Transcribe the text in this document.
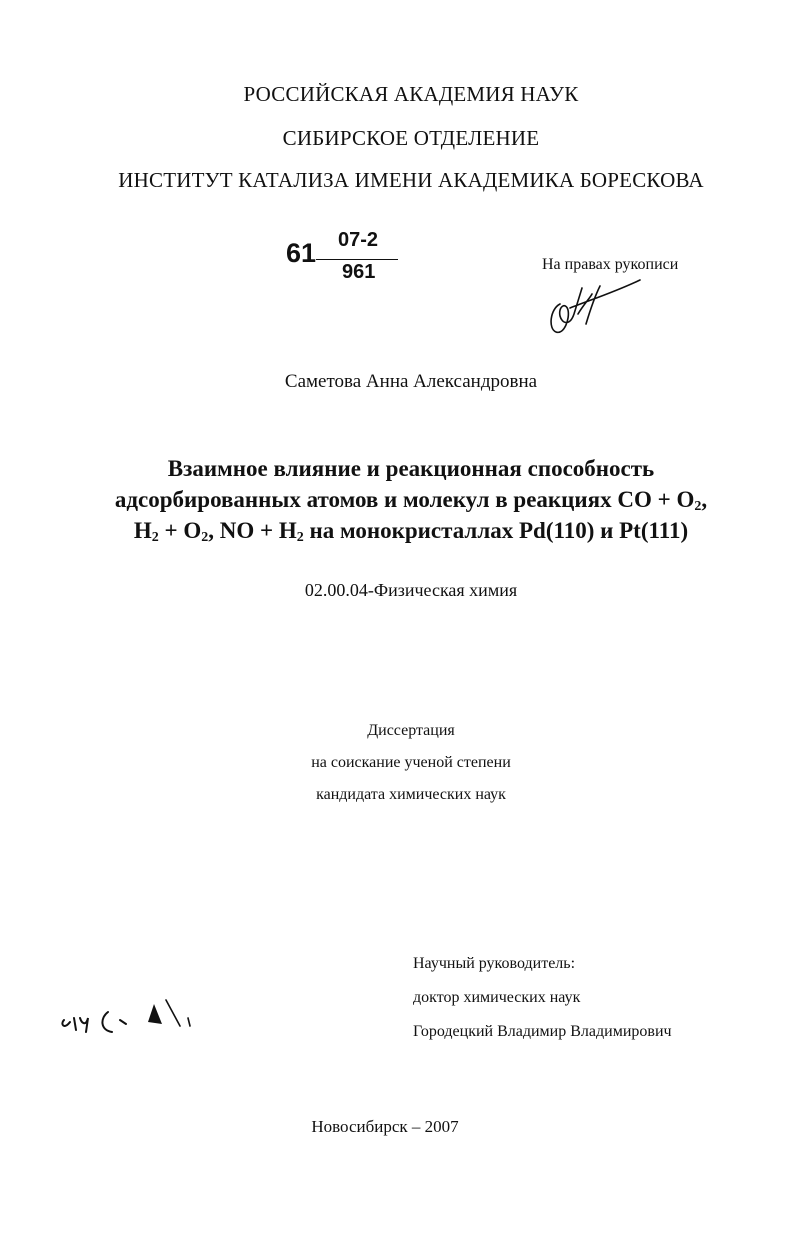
РОССИЙСКАЯ АКАДЕМИЯ НАУК
СИБИРСКОЕ ОТДЕЛЕНИЕ
ИНСТИТУТ КАТАЛИЗА ИМЕНИ АКАДЕМИКА БОРЕСКОВА
61 07-2
961	На правах рукописи
Саметова Анна Александровна
Взаимное влияние и реакционная способность
адсорбированных атомов и молекул в реакциях CO + $O_2$,
$H_2 + O_2$, NO + $H_2$ на монокристаллах Pd(110) и Pt(111)
02.00.04-Физическая химия
Диссертация
на соискание ученой степени
кандидата химических наук
Научный руководитель:
доктор химических наук
Городецкий Владимир Владимирович
Новосибирск – 2007
